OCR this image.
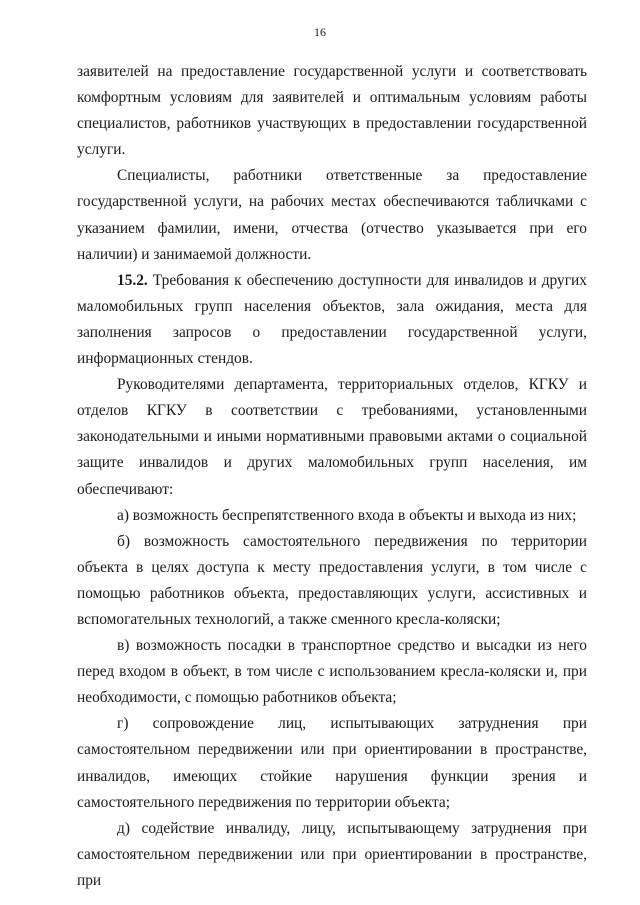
16

заявителей на предоставление государственной услуги и соответствовать комфортным условиям для заявителей и оптимальным условиям работы специалистов, работников участвующих в предоставлении государственной услуги.

Специалисты, работники ответственные за предоставление государственной услуги, на рабочих местах обеспечиваются табличками с указанием фамилии, имени, отчества (отчество указывается при его наличии) и занимаемой должности.

15.2. Требования к обеспечению доступности для инвалидов и других маломобильных групп населения объектов, зала ожидания, места для заполнения запросов о предоставлении государственной услуги, информационных стендов.

Руководителями департамента, территориальных отделов, КГКУ и отделов КГКУ в соответствии с требованиями, установленными законодательными и иными нормативными правовыми актами о социальной защите инвалидов и других маломобильных групп населения, им обеспечивают:

а) возможность беспрепятственного входа в объекты и выхода из них;

б) возможность самостоятельного передвижения по территории объекта в целях доступа к месту предоставления услуги, в том числе с помощью работников объекта, предоставляющих услуги, ассистивных и вспомогательных технологий, а также сменного кресла-коляски;

в) возможность посадки в транспортное средство и высадки из него перед входом в объект, в том числе с использованием кресла-коляски и, при необходимости, с помощью работников объекта;

г) сопровождение лиц, испытывающих затруднения при самостоятельном передвижении или при ориентировании в пространстве, инвалидов, имеющих стойкие нарушения функции зрения и самостоятельного передвижения по территории объекта;

д) содействие инвалиду, лицу, испытывающему затруднения при самостоятельном передвижении или при ориентировании в пространстве, при
